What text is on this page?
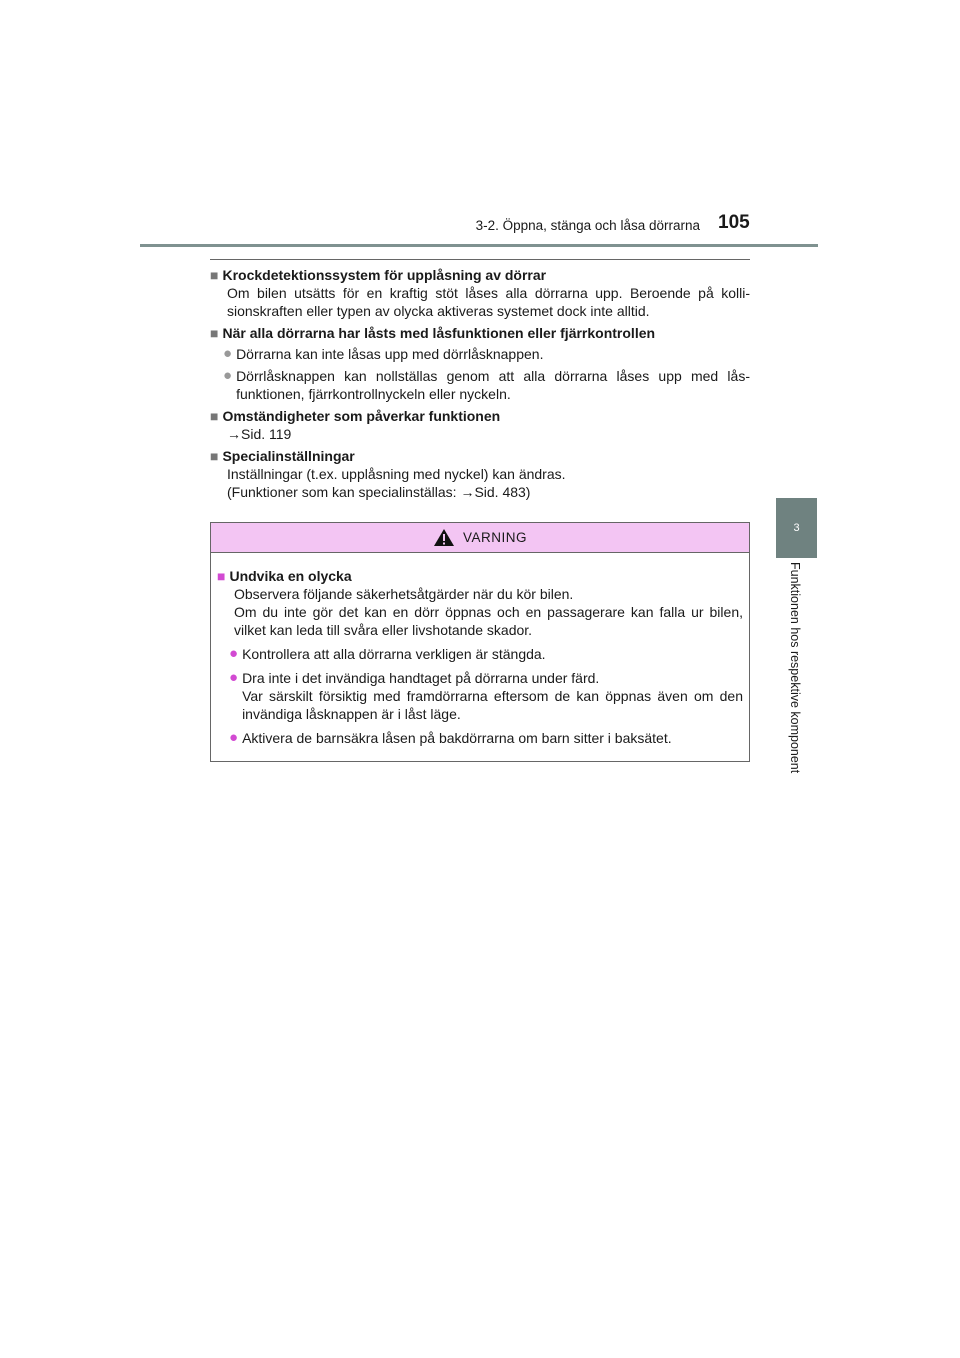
3-2. Öppna, stänga och låsa dörrarna 105
3
Funktionen hos respektive komponent
■ Krockdetektionssystem för upplåsning av dörrar
Om bilen utsätts för en kraftig stöt låses alla dörrarna upp. Beroende på kolli-sionskraften eller typen av olycka aktiveras systemet dock inte alltid.
■ När alla dörrarna har låsts med låsfunktionen eller fjärrkontrollen
● Dörrarna kan inte låsas upp med dörrlåsknappen.
● Dörrlåsknappen kan nollställas genom att alla dörrarna låses upp med lås-funktionen, fjärrkontrollnyckeln eller nyckeln.
■ Omständigheter som påverkar funktionen
→ Sid. 119
■ Specialinställningar
Inställningar (t.ex. upplåsning med nyckel) kan ändras.
(Funktioner som kan specialinställas: →Sid. 483)
VARNING
■ Undvika en olycka
Observera följande säkerhetsåtgärder när du kör bilen.
Om du inte gör det kan en dörr öppnas och en passagerare kan falla ur bilen, vilket kan leda till svåra eller livshotande skador.
● Kontrollera att alla dörrarna verkligen är stängda.
● Dra inte i det invändiga handtaget på dörrarna under färd.
Var särskilt försiktig med framdörrarna eftersom de kan öppnas även om den invändiga låsknappen är i låst läge.
● Aktivera de barnsäkra låsen på bakdörrarna om barn sitter i baksätet.
